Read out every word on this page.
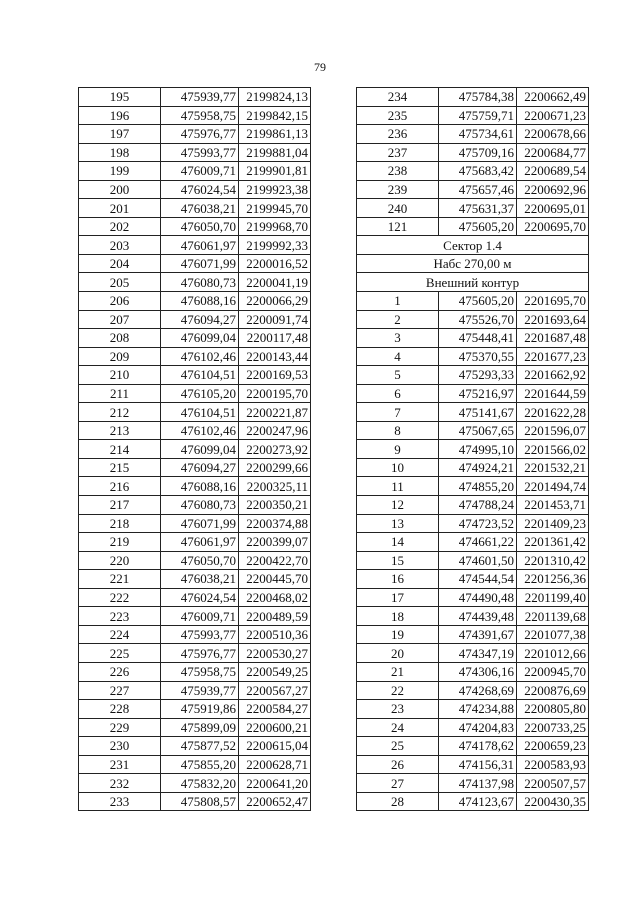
79
195	475939,77	2199824,13
196	475958,75	2199842,15
197	475976,77	2199861,13
198	475993,77	2199881,04
199	476009,71	2199901,81
200	476024,54	2199923,38
201	476038,21	2199945,70
202	476050,70	2199968,70
203	476061,97	2199992,33
204	476071,99	2200016,52
205	476080,73	2200041,19
206	476088,16	2200066,29
207	476094,27	2200091,74
208	476099,04	2200117,48
209	476102,46	2200143,44
210	476104,51	2200169,53
211	476105,20	2200195,70
212	476104,51	2200221,87
213	476102,46	2200247,96
214	476099,04	2200273,92
215	476094,27	2200299,66
216	476088,16	2200325,11
217	476080,73	2200350,21
218	476071,99	2200374,88
219	476061,97	2200399,07
220	476050,70	2200422,70
221	476038,21	2200445,70
222	476024,54	2200468,02
223	476009,71	2200489,59
224	475993,77	2200510,36
225	475976,77	2200530,27
226	475958,75	2200549,25
227	475939,77	2200567,27
228	475919,86	2200584,27
229	475899,09	2200600,21
230	475877,52	2200615,04
231	475855,20	2200628,71
232	475832,20	2200641,20
233	475808,57	2200652,47
234	475784,38	2200662,49
235	475759,71	2200671,23
236	475734,61	2200678,66
237	475709,16	2200684,77
238	475683,42	2200689,54
239	475657,46	2200692,96
240	475631,37	2200695,01
121	475605,20	2200695,70
Сектор 1.4		
Набс 270,00 м		
Внешний контур		
1	475605,20	2201695,70
2	475526,70	2201693,64
3	475448,41	2201687,48
4	475370,55	2201677,23
5	475293,33	2201662,92
6	475216,97	2201644,59
7	475141,67	2201622,28
8	475067,65	2201596,07
9	474995,10	2201566,02
10	474924,21	2201532,21
11	474855,20	2201494,74
12	474788,24	2201453,71
13	474723,52	2201409,23
14	474661,22	2201361,42
15	474601,50	2201310,42
16	474544,54	2201256,36
17	474490,48	2201199,40
18	474439,48	2201139,68
19	474391,67	2201077,38
20	474347,19	2201012,66
21	474306,16	2200945,70
22	474268,69	2200876,69
23	474234,88	2200805,80
24	474204,83	2200733,25
25	474178,62	2200659,23
26	474156,31	2200583,93
27	474137,98	2200507,57
28	474123,67	2200430,35
